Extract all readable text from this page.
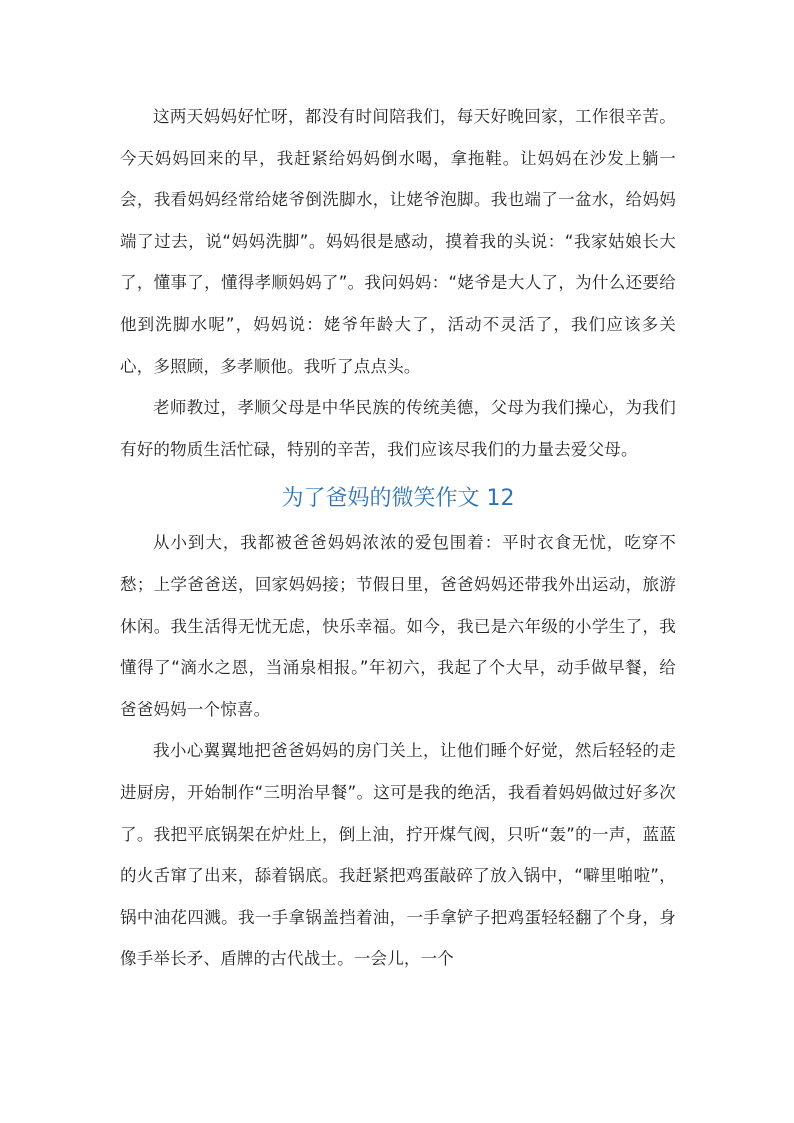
这两天妈妈好忙呀，都没有时间陪我们，每天好晚回家，工作很辛苦。今天妈妈回来的早，我赶紧给妈妈倒水喝，拿拖鞋。让妈妈在沙发上躺一会，我看妈妈经常给姥爷倒洗脚水，让姥爷泡脚。我也端了一盆水，给妈妈端了过去，说“妈妈洗脚”。妈妈很是感动，摸着我的头说：“我家姑娘长大了，懂事了，懂得孝顺妈妈了”。我问妈妈：“姥爷是大人了，为什么还要给他到洗脚水呢”，妈妈说：姥爷年龄大了，活动不灵活了，我们应该多关心，多照顾，多孝顺他。我听了点点头。

老师教过，孝顺父母是中华民族的传统美德，父母为我们操心，为我们有好的物质生活忙碌，特别的辛苦，我们应该尽我们的力量去爱父母。

为了爸妈的微笑作文 12

从小到大，我都被爸爸妈妈浓浓的爱包围着：平时衣食无忧，吃穿不愁；上学爸爸送，回家妈妈接；节假日里，爸爸妈妈还带我外出运动，旅游休闲。我生活得无忧无虑，快乐幸福。如今，我已是六年级的小学生了，我懂得了“滴水之恩，当涌泉相报。”年初六，我起了个大早，动手做早餐，给爸爸妈妈一个惊喜。

我小心翼翼地把爸爸妈妈的房门关上，让他们睡个好觉，然后轻轻的走进厨房，开始制作“三明治早餐”。这可是我的绝活，我看着妈妈做过好多次了。我把平底锅架在炉灶上，倒上油，拧开煤气阀，只听“轰”的一声，蓝蓝的火舌窜了出来，舔着锅底。我赶紧把鸡蛋敲碎了放入锅中，“噼里啪啦”，锅中油花四溅。我一手拿锅盖挡着油，一手拿铲子把鸡蛋轻轻翻了个身，身像手举长矛、盾牌的古代战士。一会儿，一个
